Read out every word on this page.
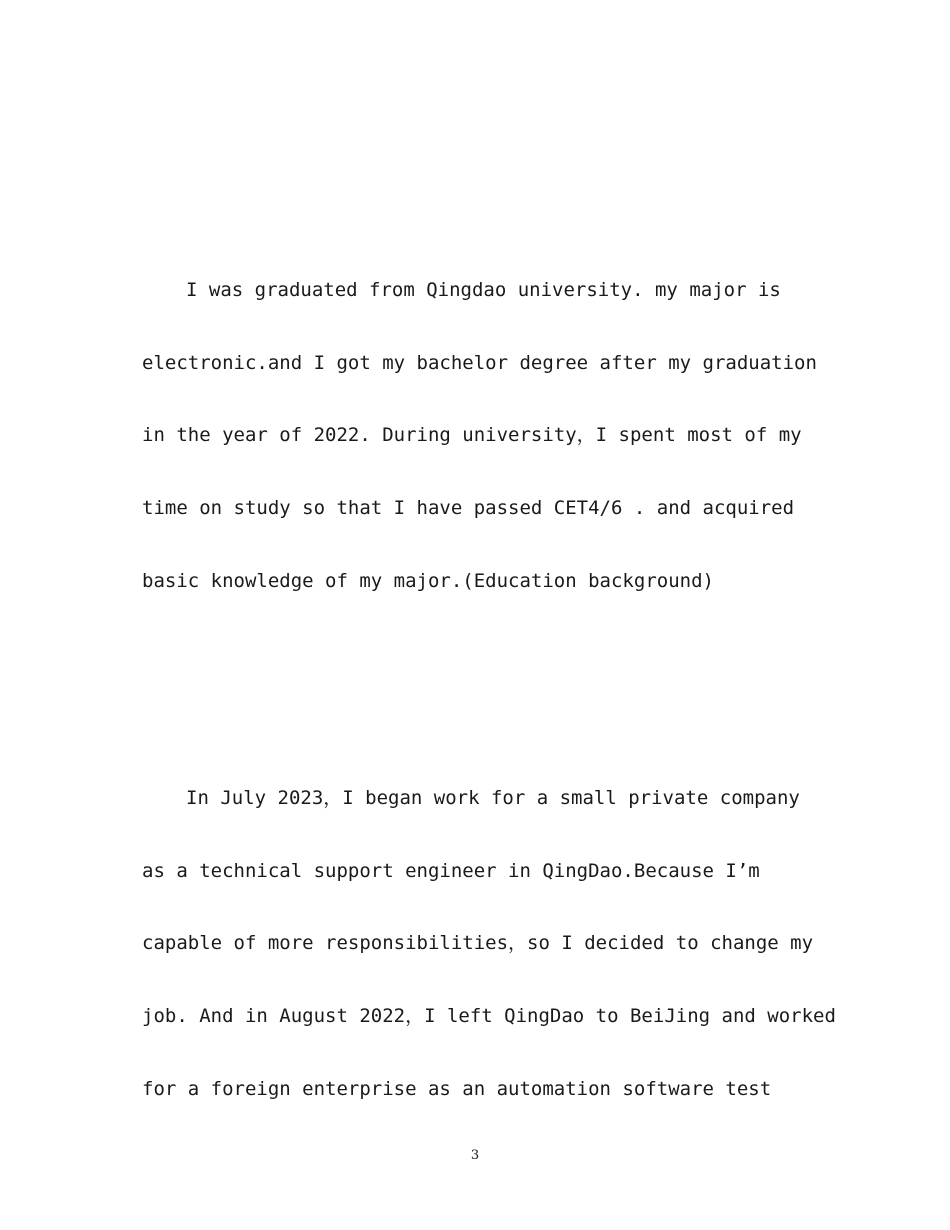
I was graduated from Qingdao university. my major is
electronic.and I got my bachelor degree after my graduation
in the year of 2022. During university，I spent most of my
time on study so that I have passed CET4/6 . and acquired
basic knowledge of my major.(Education background)
In July 2023，I began work for a small private company
as a technical support engineer in QingDao.Because I’m
capable of more responsibilities，so I decided to change my
job. And in August 2022，I left QingDao to BeiJing and worked
for a foreign enterprise as an automation software test
3
